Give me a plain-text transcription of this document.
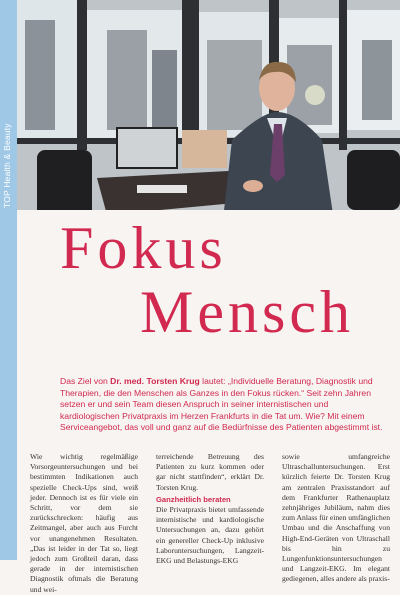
TOP Health & Beauty
Fokus
Mensch
Das Ziel von Dr. med. Torsten Krug lautet: „Individuelle Beratung, Diagnostik und Therapien, die den Menschen als Ganzes in den Fokus rücken.“ Seit zehn Jahren setzen er und sein Team diesen Anspruch in seiner internistischen und kardiologischen Privatpraxis im Herzen Frankfurts in die Tat um. Wie? Mit einem Serviceangebot, das voll und ganz auf die Bedürfnisse des Patienten abgestimmt ist.

Wie wichtig regelmäßige Vorsorgeuntersuchungen und bei bestimmten Indikationen auch spezielle Check-Ups sind, weiß jeder. Dennoch ist es für viele ein Schritt, vor dem sie zurückschrecken: häufig aus Zeitmangel, aber auch aus Furcht vor unangenehmen Resultaten. „Das ist leider in der Tat so, liegt jedoch zum Großteil daran, dass gerade in der internistischen Diagnostik oftmals die Beratung und wei-

terreichende Betreuung des Patienten zu kurz kommen oder gar nicht stattfinden“, erklärt Dr. Torsten Krug.

Ganzheitlich beraten

Die Privatpraxis bietet umfassende internistische und kardiologische Untersuchungen an, dazu gehört ein genereller Check-Up inklusive Laboruntersuchungen, Langzeit-EKG und Belastungs-EKG

sowie umfangreiche Ultraschalluntersuchungen. Erst kürzlich feierte Dr. Torsten Krug am zentralen Praxisstandort auf dem Frankfurter Rathenauplatz zehnjähriges Jubiläum, nahm dies zum Anlass für einen umfänglichen Umbau und die Anschaffung von High-End-Geräten von Ultraschall bis hin zu Lungenfunktionsuntersuchungen und Langzeit-EKG. Im elegant gediegenen, alles andere als praxis-
